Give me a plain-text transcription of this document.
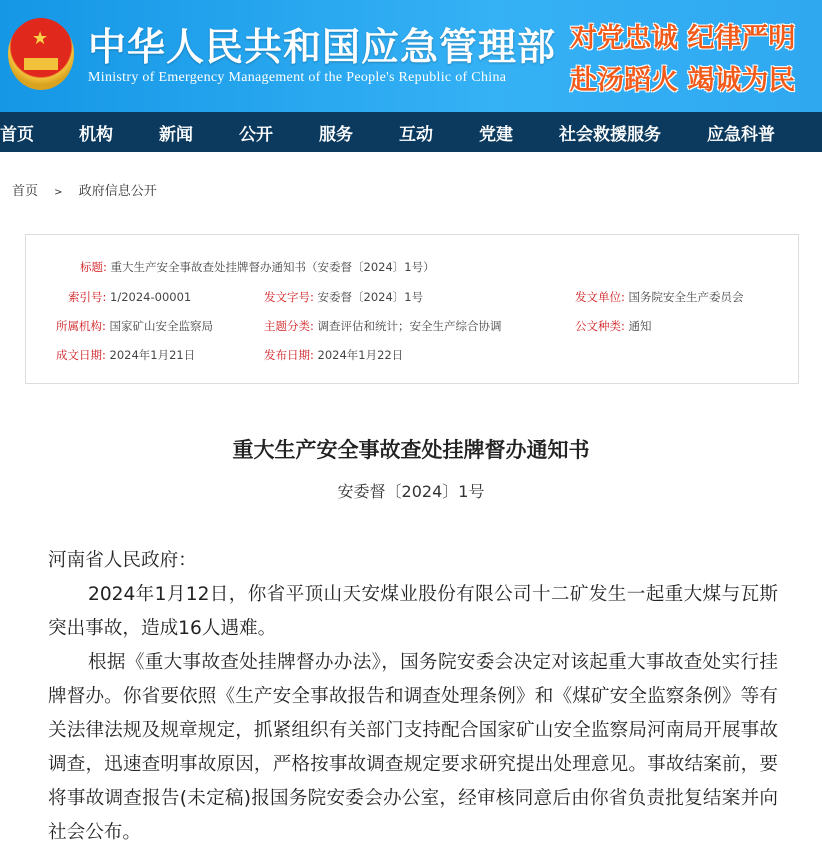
★ 中华人民共和国应急管理部
Ministry of Emergency Management of the People's Republic of China
对党忠诚 纪律严明
赴汤蹈火 竭诚为民
首页	机构	新闻	公开	服务	互动	党建	社会救援服务	应急科普
首页 > 政府信息公开
标题: 重大生产安全事故查处挂牌督办通知书（安委督〔2024〕1号）
索引号: 1/2024-00001	发文字号: 安委督〔2024〕1号	发文单位: 国务院安全生产委员会
所属机构: 国家矿山安全监察局	主题分类: 调查评估和统计；安全生产综合协调	公文种类: 通知
成文日期: 2024年1月21日	发布日期: 2024年1月22日
重大生产安全事故查处挂牌督办通知书
安委督〔2024〕1号

河南省人民政府：

2024年1月12日，你省平顶山天安煤业股份有限公司十二矿发生一起重大煤与瓦斯突出事故，造成16人遇难。

根据《重大事故查处挂牌督办办法》，国务院安委会决定对该起重大事故查处实行挂牌督办。你省要依照《生产安全事故报告和调查处理条例》和《煤矿安全监察条例》等有关法律法规及规章规定，抓紧组织有关部门支持配合国家矿山安全监察局河南局开展事故调查，迅速查明事故原因，严格按事故调查规定要求研究提出处理意见。事故结案前，要将事故调查报告(未定稿)报国务院安委会办公室，经审核同意后由你省负责批复结案并向社会公布。
